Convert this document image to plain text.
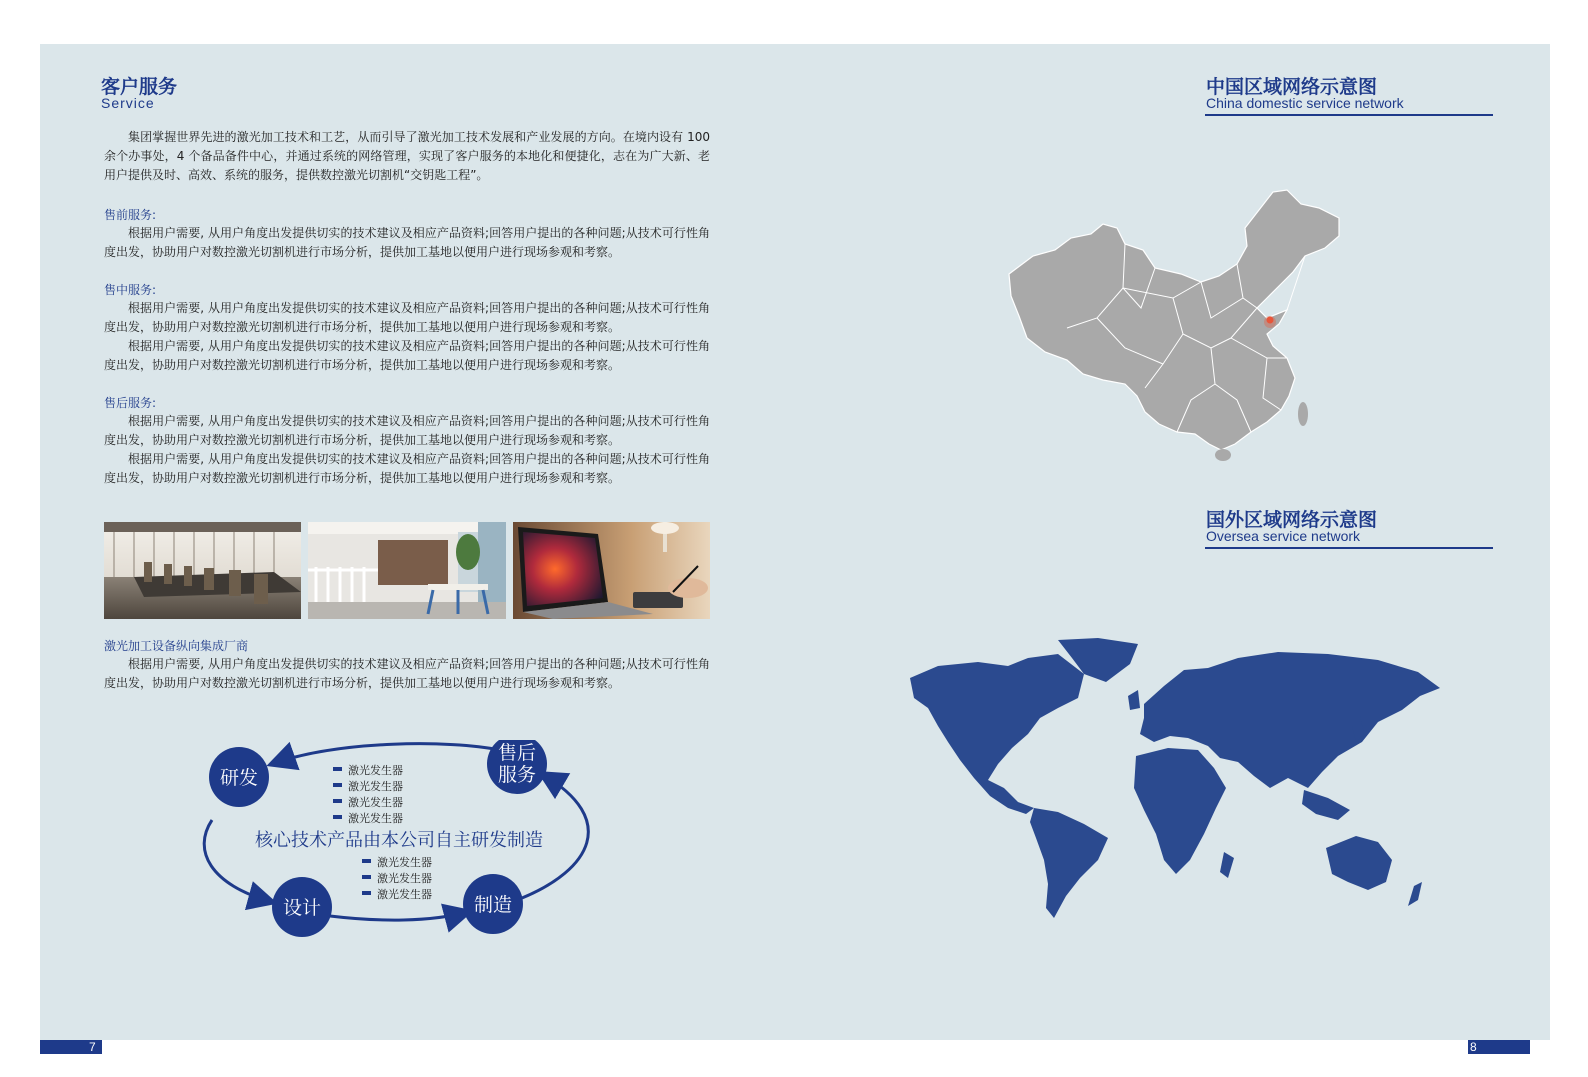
客户服务
Service

集团掌握世界先进的激光加工技术和工艺，从而引导了激光加工技术发展和产业发展的方向。在境内设有 100 余个办事处，4 个备品备件中心，并通过系统的网络管理，实现了客户服务的本地化和便捷化，志在为广大新、老用户提供及时、高效、系统的服务，提供数控激光切割机“交钥匙工程”。

售前服务:

根据用户需要, 从用户角度出发提供切实的技术建议及相应产品资料;回答用户提出的各种问题;从技术可行性角度出发，协助用户对数控激光切割机进行市场分析，提供加工基地以便用户进行现场参观和考察。

售中服务:

根据用户需要, 从用户角度出发提供切实的技术建议及相应产品资料;回答用户提出的各种问题;从技术可行性角度出发，协助用户对数控激光切割机进行市场分析，提供加工基地以便用户进行现场参观和考察。

根据用户需要, 从用户角度出发提供切实的技术建议及相应产品资料;回答用户提出的各种问题;从技术可行性角度出发，协助用户对数控激光切割机进行市场分析，提供加工基地以便用户进行现场参观和考察。

售后服务:

根据用户需要, 从用户角度出发提供切实的技术建议及相应产品资料;回答用户提出的各种问题;从技术可行性角度出发，协助用户对数控激光切割机进行市场分析，提供加工基地以便用户进行现场参观和考察。

根据用户需要, 从用户角度出发提供切实的技术建议及相应产品资料;回答用户提出的各种问题;从技术可行性角度出发，协助用户对数控激光切割机进行市场分析，提供加工基地以便用户进行现场参观和考察。

激光加工设备纵向集成厂商

根据用户需要, 从用户角度出发提供切实的技术建议及相应产品资料;回答用户提出的各种问题;从技术可行性角度出发，协助用户对数控激光切割机进行市场分析，提供加工基地以便用户进行现场参观和考察。

研发
售后
服务
设计	制造
激光发生器
激光发生器
激光发生器
激光发生器
核心技术产品由本公司自主研发制造
激光发生器
激光发生器
激光发生器
中国区域网络示意图
China domestic service network
国外区域网络示意图
Oversea service network
7	8
